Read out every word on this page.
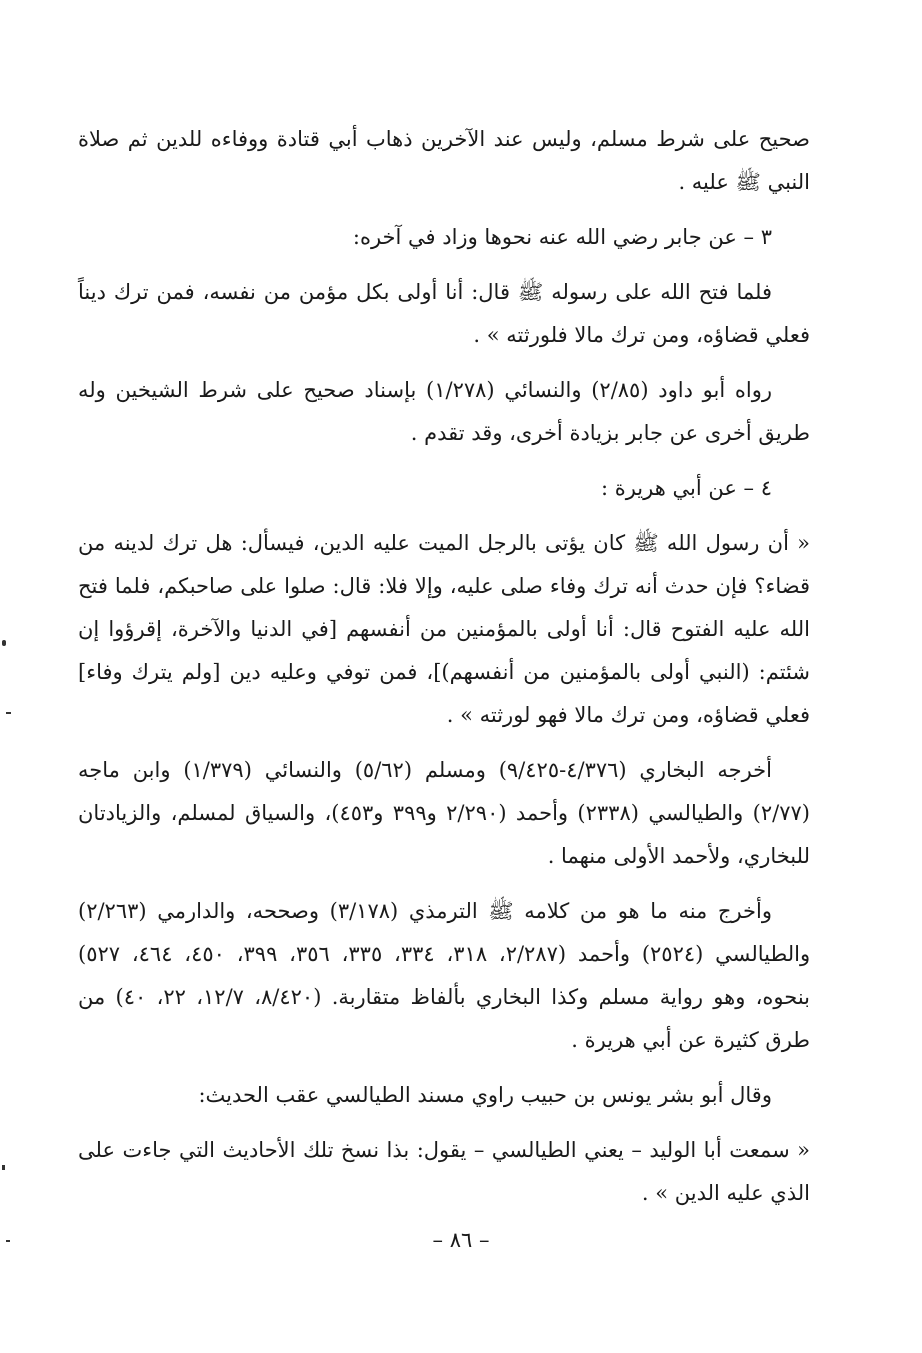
صحيح على شرط مسلم، وليس عند الآخرين ذهاب أبي قتادة ووفاءه للدين ثم صلاة النبي ﷺ عليه .

٣ – عن جابر رضي الله عنه نحوها وزاد في آخره:

فلما فتح الله على رسوله ﷺ قال: أنا أولى بكل مؤمن من نفسه، فمن ترك ديناً فعلي قضاؤه، ومن ترك مالا فلورثته » .

رواه أبو داود (٢/٨٥) والنسائي (١/٢٧٨) بإسناد صحيح على شرط الشيخين وله طريق أخرى عن جابر بزيادة أخرى، وقد تقدم .

٤ – عن أبي هريرة :

« أن رسول الله ﷺ كان يؤتى بالرجل الميت عليه الدين، فيسأل: هل ترك لدينه من قضاء؟ فإن حدث أنه ترك وفاء صلى عليه، وإلا فلا: قال: صلوا على صاحبكم، فلما فتح الله عليه الفتوح قال: أنا أولى بالمؤمنين من أنفسهم [في الدنيا والآخرة، إقرؤوا إن شئتم: (النبي أولى بالمؤمنين من أنفسهم)]، فمن توفي وعليه دين [ولم يترك وفاء] فعلي قضاؤه، ومن ترك مالا فهو لورثته » .

أخرجه البخاري (٤/٣٧٦-٩/٤٢٥) ومسلم (٥/٦٢) والنسائي (١/٣٧٩) وابن ماجه (٢/٧٧) والطيالسي (٢٣٣٨) وأحمد (٢/٢٩٠ و٣٩٩ و٤٥٣)، والسياق لمسلم، والزيادتان للبخاري، ولأحمد الأولى منهما .

وأخرج منه ما هو من كلامه ﷺ الترمذي (٣/١٧٨) وصححه، والدارمي (٢/٢٦٣) والطيالسي (٢٥٢٤) وأحمد (٢/٢٨٧، ٣١٨، ٣٣٤، ٣٣٥، ٣٥٦، ٣٩٩، ٤٥٠، ٤٦٤، ٥٢٧) بنحوه، وهو رواية مسلم وكذا البخاري بألفاظ متقاربة. (٨/٤٢٠، ١٢/٧، ٢٢، ٤٠) من طرق كثيرة عن أبي هريرة .

وقال أبو بشر يونس بن حبيب راوي مسند الطيالسي عقب الحديث:

« سمعت أبا الوليد – يعني الطيالسي – يقول: بذا نسخ تلك الأحاديث التي جاءت على الذي عليه الدين » .

– ٨٦ –
